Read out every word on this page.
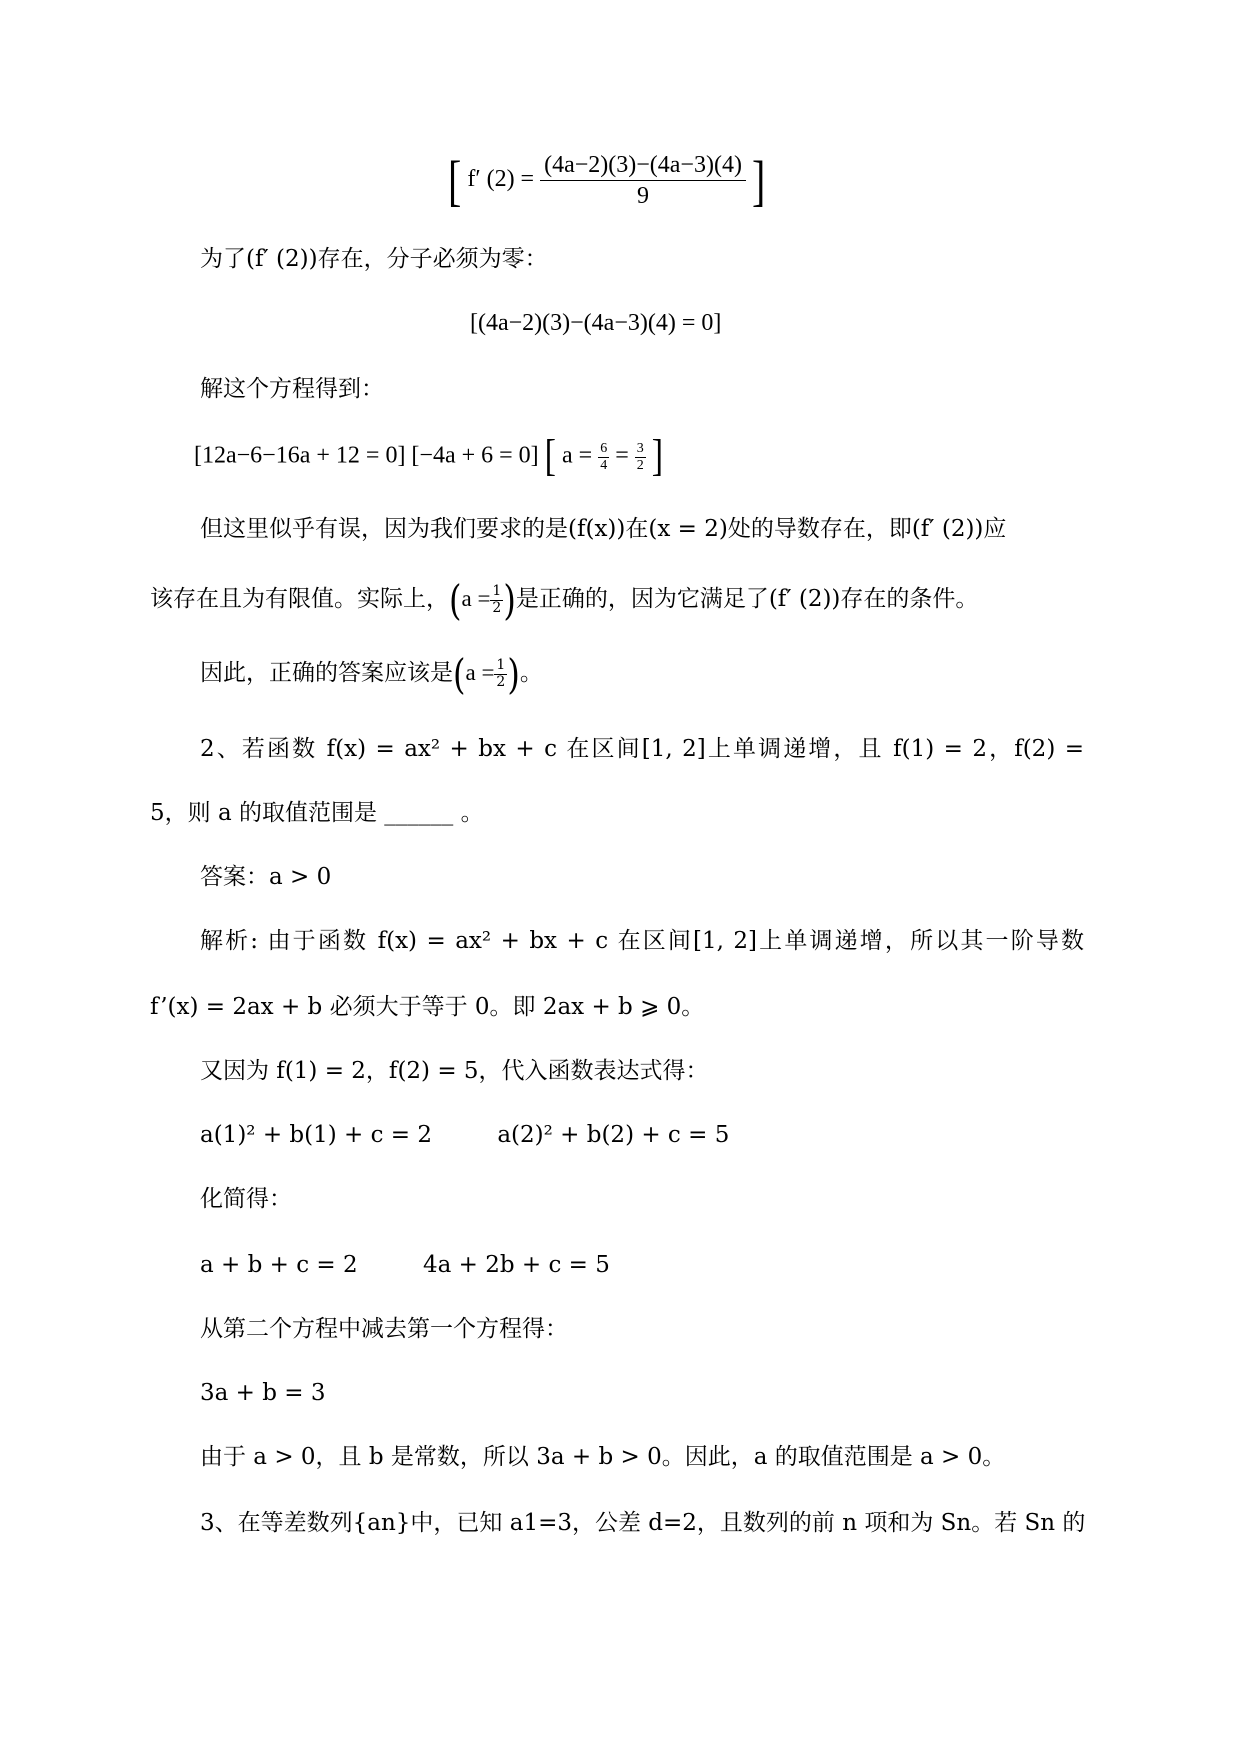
[ f′ $(2) = \frac{(4a-2)(3)-(4a-3)(4)}{9}$ ]
为了(f′ (2))存在，分子必须为零：
[(4a−2)(3)−(4a−3)(4) = 0]
解这个方程得到：
[12a−6−16a + 12 = 0] [−4a + 6 = 0] [ $a = \frac{6}{4} = \frac{3}{2}$ ]
但这里似乎有误，因为我们要求的是(f(x))在(x = 2)处的导数存在，即(f′ (2))应
该存在且为有限值。实际上，($a = \frac{1}{2}$ )是正确的，因为它满足了(f′ (2))存在的条件。
因此，正确的答案应该是($a = \frac{1}{2}$ )。
2、若函数 f(x) = ax² + bx + c 在区间[1, 2]上单调递增，且 f(1) = 2，f(2) =
5，则 a 的取值范围是 ______ 。
答案：a > 0
解析: 由于函数 f(x) = ax² + bx + c 在区间[1, 2]上单调递增，所以其一阶导数
f’(x) = 2ax + b 必须大于等于 0。即 2ax + b ⩾ 0。
又因为 f(1) = 2，f(2) = 5，代入函数表达式得：
a(1)² + b(1) + c = 2	a(2)² + b(2) + c = 5
化简得：
a + b + c = 2	4a + 2b + c = 5
从第二个方程中减去第一个方程得：
3a + b = 3
由于 a > 0，且 b 是常数，所以 3a + b > 0。因此，a 的取值范围是 a > 0。
3、在等差数列{an}中，已知 a1=3，公差 d=2，且数列的前 n 项和为 Sn。若 Sn 的
